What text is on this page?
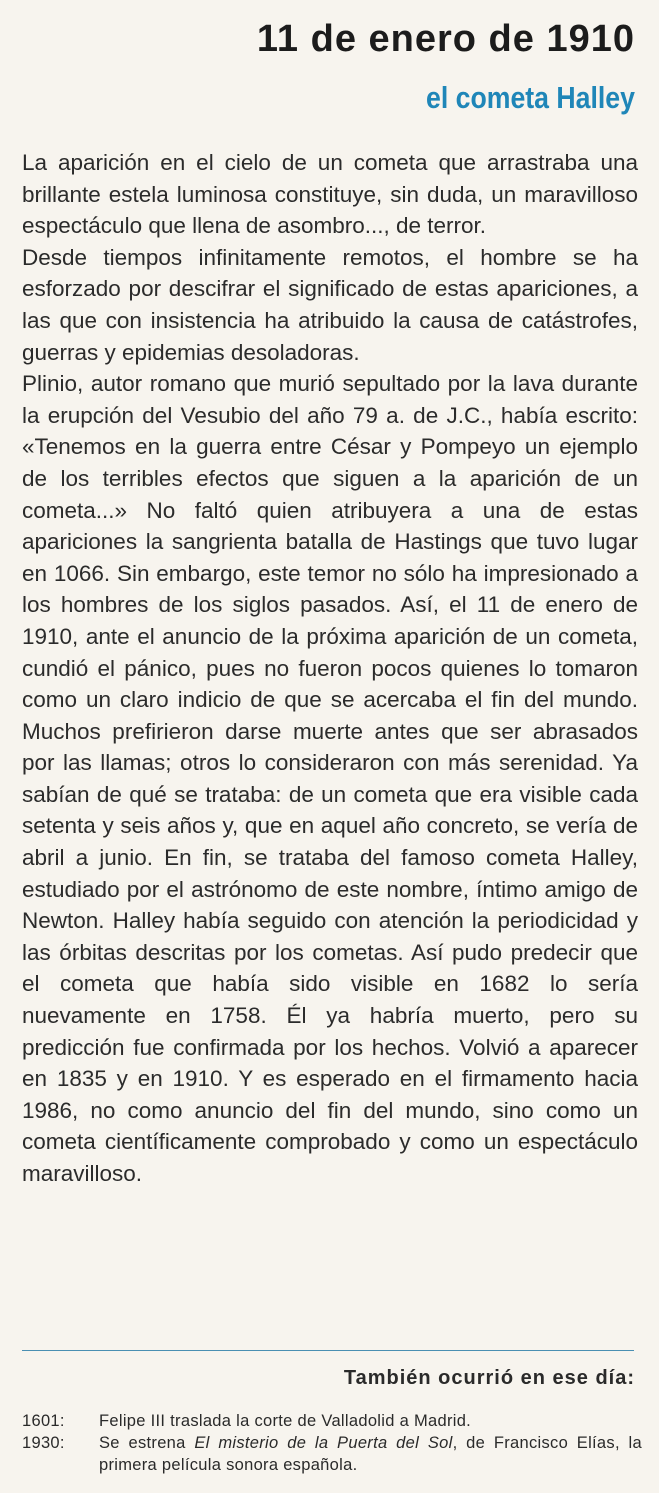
11 de enero de 1910
el cometa Halley

La aparición en el cielo de un cometa que arrastraba una brillante estela luminosa constituye, sin duda, un maravilloso espectáculo que llena de asombro..., de terror.

Desde tiempos infinitamente remotos, el hombre se ha esforzado por descifrar el significado de estas apariciones, a las que con insistencia ha atribuido la causa de catástrofes, guerras y epidemias desoladoras.

Plinio, autor romano que murió sepultado por la lava durante la erupción del Vesubio del año 79 a. de J.C., había escrito: «Tenemos en la guerra entre César y Pompeyo un ejemplo de los terribles efectos que siguen a la aparición de un cometa...» No faltó quien atribuyera a una de estas apariciones la sangrienta batalla de Hastings que tuvo lugar en 1066. Sin embargo, este temor no sólo ha impresionado a los hombres de los siglos pasados. Así, el 11 de enero de 1910, ante el anuncio de la próxima aparición de un cometa, cundió el pánico, pues no fueron pocos quienes lo tomaron como un claro indicio de que se acercaba el fin del mundo. Muchos prefirieron darse muerte antes que ser abrasados por las llamas; otros lo consideraron con más serenidad. Ya sabían de qué se trataba: de un cometa que era visible cada setenta y seis años y, que en aquel año concreto, se vería de abril a junio. En fin, se trataba del famoso cometa Halley, estudiado por el astrónomo de este nombre, íntimo amigo de Newton. Halley había seguido con atención la periodicidad y las órbitas descritas por los cometas. Así pudo predecir que el cometa que había sido visible en 1682 lo sería nuevamente en 1758. Él ya habría muerto, pero su predicción fue confirmada por los hechos. Volvió a aparecer en 1835 y en 1910. Y es esperado en el firmamento hacia 1986, no como anuncio del fin del mundo, sino como un cometa científicamente comprobado y como un espectáculo maravilloso.

También ocurrió en ese día:
1601:	Felipe III traslada la corte de Valladolid a Madrid.
1930:	Se estrena El misterio de la Puerta del Sol, de Francisco Elías, la primera película sonora española.
